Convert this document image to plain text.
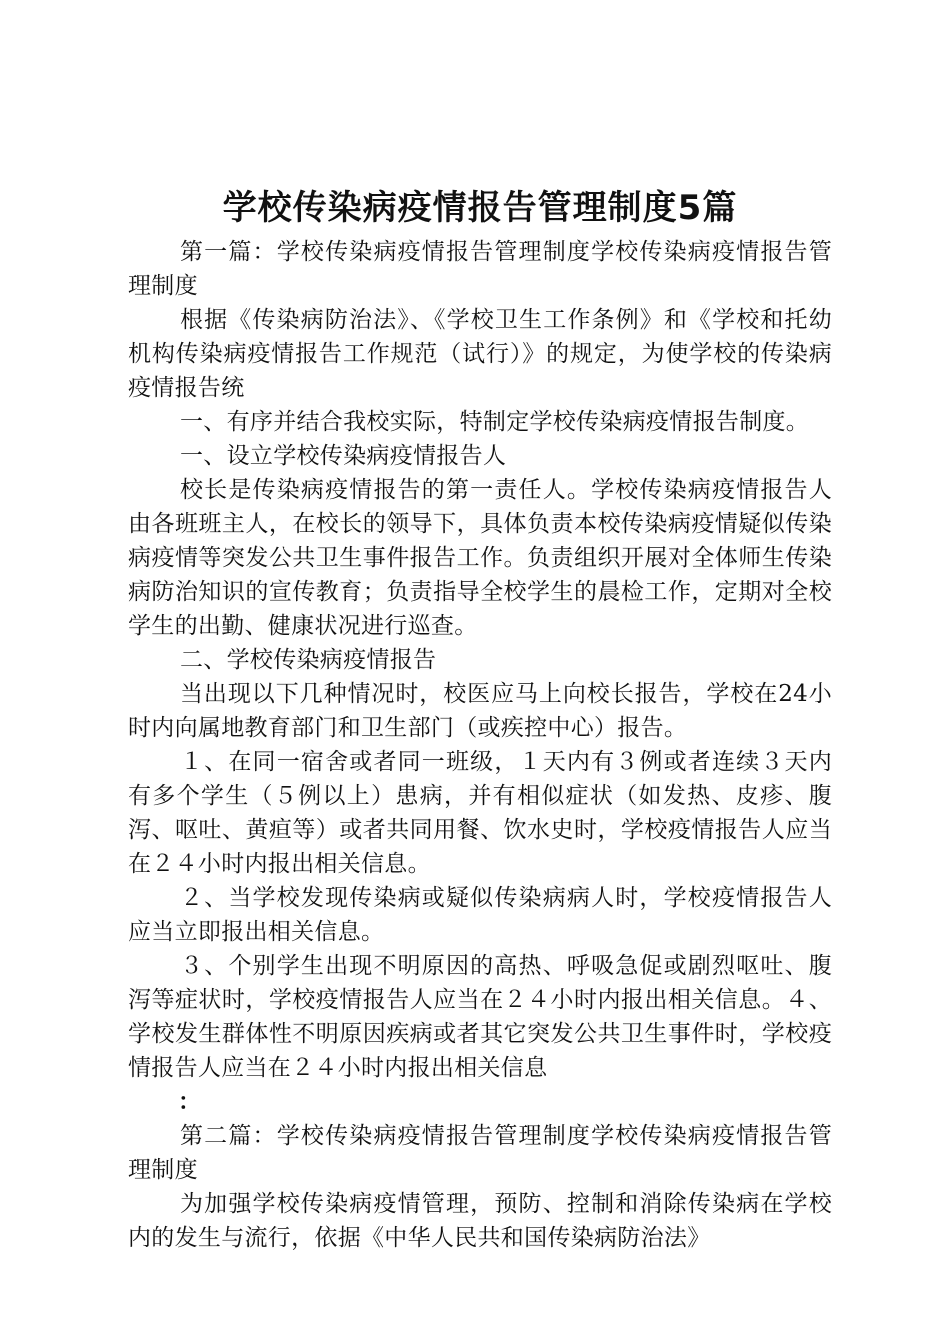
学校传染病疫情报告管理制度5篇

第一篇：学校传染病疫情报告管理制度学校传染病疫情报告管理制度

根据《传染病防治法》、《学校卫生工作条例》和《学校和托幼机构传染病疫情报告工作规范（试行）》的规定，为使学校的传染病疫情报告统

一、有序并结合我校实际，特制定学校传染病疫情报告制度。

一、设立学校传染病疫情报告人

校长是传染病疫情报告的第一责任人。学校传染病疫情报告人由各班班主人，在校长的领导下，具体负责本校传染病疫情疑似传染病疫情等突发公共卫生事件报告工作。负责组织开展对全体师生传染病防治知识的宣传教育；负责指导全校学生的晨检工作，定期对全校学生的出勤、健康状况进行巡查。

二、学校传染病疫情报告

当出现以下几种情况时，校医应马上向校长报告，学校在24小时内向属地教育部门和卫生部门（或疾控中心）报告。

１、在同一宿舍或者同一班级，１天内有３例或者连续３天内有多个学生（５例以上）患病，并有相似症状（如发热、皮疹、腹泻、呕吐、黄疸等）或者共同用餐、饮水史时，学校疫情报告人应当在２４小时内报出相关信息。

２、当学校发现传染病或疑似传染病病人时，学校疫情报告人应当立即报出相关信息。

３、个别学生出现不明原因的高热、呼吸急促或剧烈呕吐、腹泻等症状时，学校疫情报告人应当在２４小时内报出相关信息。４、学校发生群体性不明原因疾病或者其它突发公共卫生事件时，学校疫情报告人应当在２４小时内报出相关信息

：

第二篇：学校传染病疫情报告管理制度学校传染病疫情报告管理制度

为加强学校传染病疫情管理，预防、控制和消除传染病在学校内的发生与流行，依据《中华人民共和国传染病防治法》
